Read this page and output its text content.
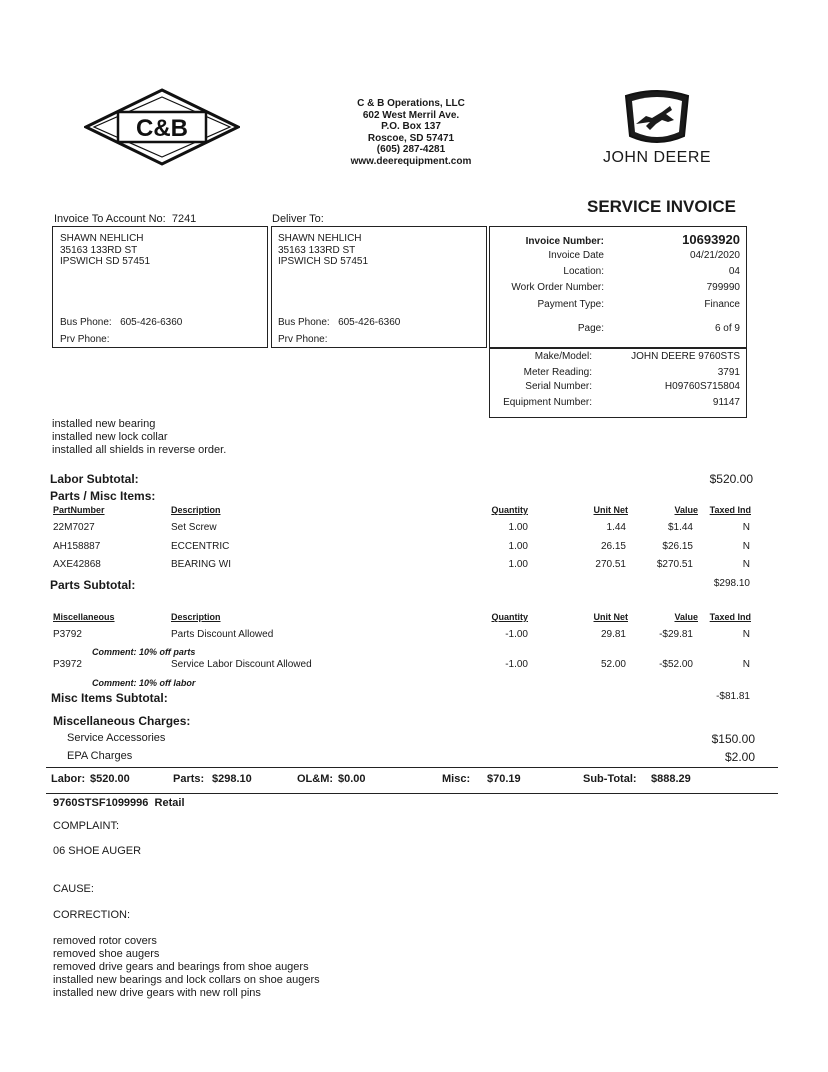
C&B
C & B Operations, LLC
602 West Merril Ave.
P.O. Box 137
Roscoe, SD 57471
(605) 287-4281
www.deerequipment.com	JOHN DEERE
SERVICE INVOICE
Invoice To Account No: 7241	Deliver To:
SHAWN NEHLICH
35163 133RD ST
IPSWICH SD 57451
Bus Phone: 605-426-6360
Prv Phone:
SHAWN NEHLICH
35163 133RD ST
IPSWICH SD 57451
Bus Phone: 605-426-6360
Prv Phone:
Invoice Number:	10693920
Invoice Date	04/21/2020
Location:	04
Work Order Number:	799990
Payment Type:	Finance
Page:	6 of 9
Make/Model:	JOHN DEERE 9760STS
Meter Reading:	3791
Serial Number:	H09760S715804
Equipment Number:	91147
installed new bearing
installed new lock collar
installed all shields in reverse order.
Labor Subtotal:	$520.00
Parts / Misc Items:
PartNumber	Description	Quantity	Unit Net	Value	Taxed Ind
22M7027	Set Screw	1.00	1.44	$1.44	N
AH158887	ECCENTRIC	1.00	26.15	$26.15	N
AXE42868	BEARING WI	1.00	270.51	$270.51	N
Parts Subtotal:	$298.10
Miscellaneous	Description	Quantity	Unit Net	Value	Taxed Ind
P3792	Parts Discount Allowed	-1.00	29.81	-$29.81	N
Comment: 10% off parts
P3972	Service Labor Discount Allowed	-1.00	52.00	-$52.00	N
Comment: 10% off labor
Misc Items Subtotal:	-$81.81
Miscellaneous Charges:
Service Accessories	$150.00
EPA Charges	$2.00
Labor: $520.00	Parts: $298.10	OL&M: $0.00	Misc: $70.19	Sub-Total: $888.29
9760STSF1099996 Retail
COMPLAINT:
06 SHOE AUGER
CAUSE:
CORRECTION:
removed rotor covers
removed shoe augers
removed drive gears and bearings from shoe augers
installed new bearings and lock collars on shoe augers
installed new drive gears with new roll pins
